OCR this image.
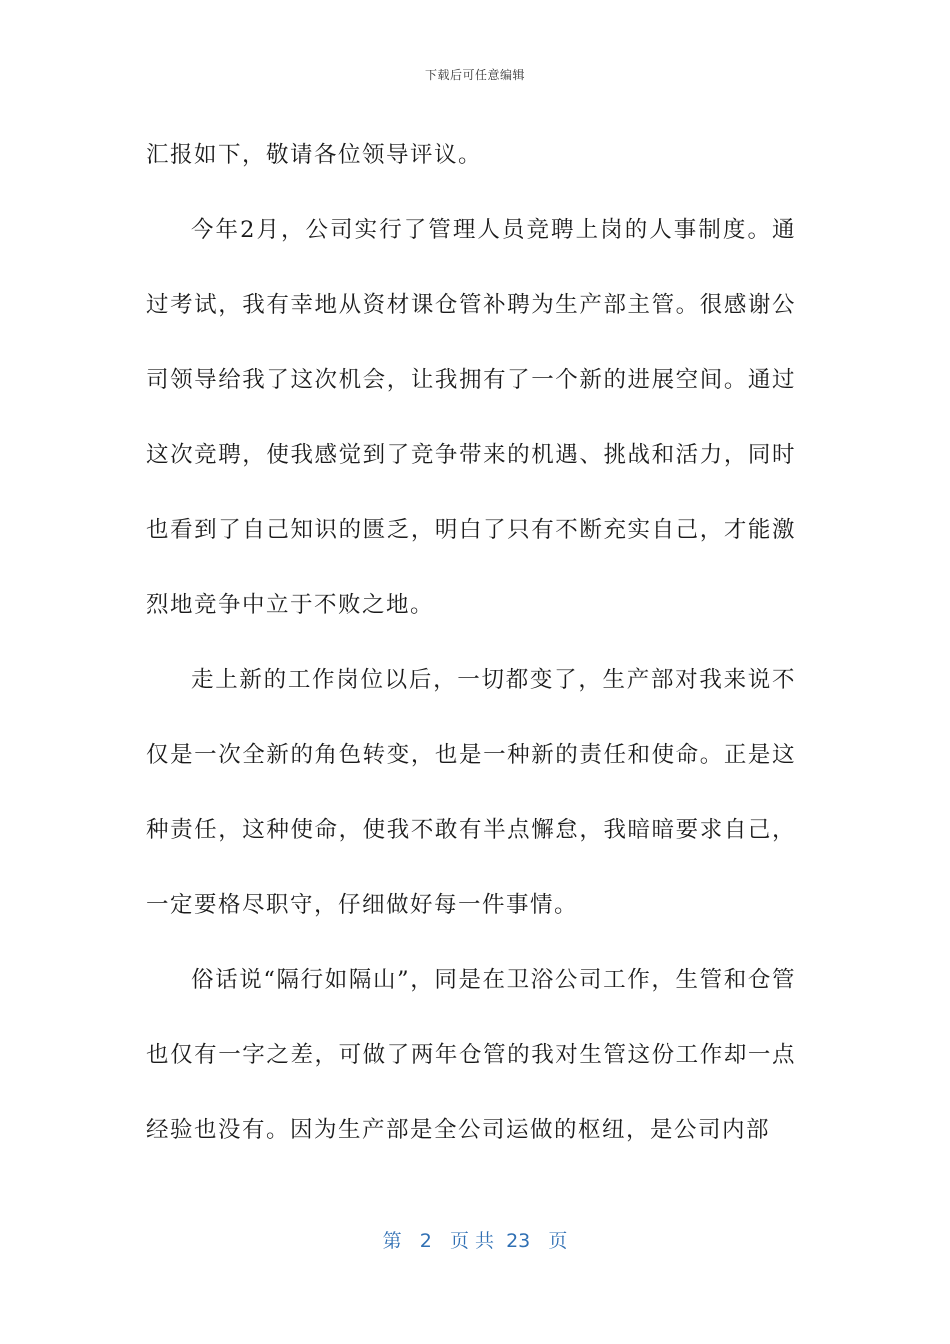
下载后可任意编辑

汇报如下，敬请各位领导评议。

今年2月，公司实行了管理人员竞聘上岗的人事制度。通过考试，我有幸地从资材课仓管补聘为生产部主管。很感谢公司领导给我了这次机会，让我拥有了一个新的进展空间。通过这次竞聘，使我感觉到了竞争带来的机遇、挑战和活力，同时也看到了自己知识的匮乏，明白了只有不断充实自己，才能激烈地竞争中立于不败之地。

走上新的工作岗位以后，一切都变了，生产部对我来说不仅是一次全新的角色转变，也是一种新的责任和使命。正是这种责任，这种使命，使我不敢有半点懈怠，我暗暗要求自己，一定要格尽职守，仔细做好每一件事情。

俗话说“隔行如隔山”，同是在卫浴公司工作，生管和仓管也仅有一字之差，可做了两年仓管的我对生管这份工作却一点经验也没有。因为生产部是全公司运做的枢纽，是公司内部

第 2 页 共 23 页
